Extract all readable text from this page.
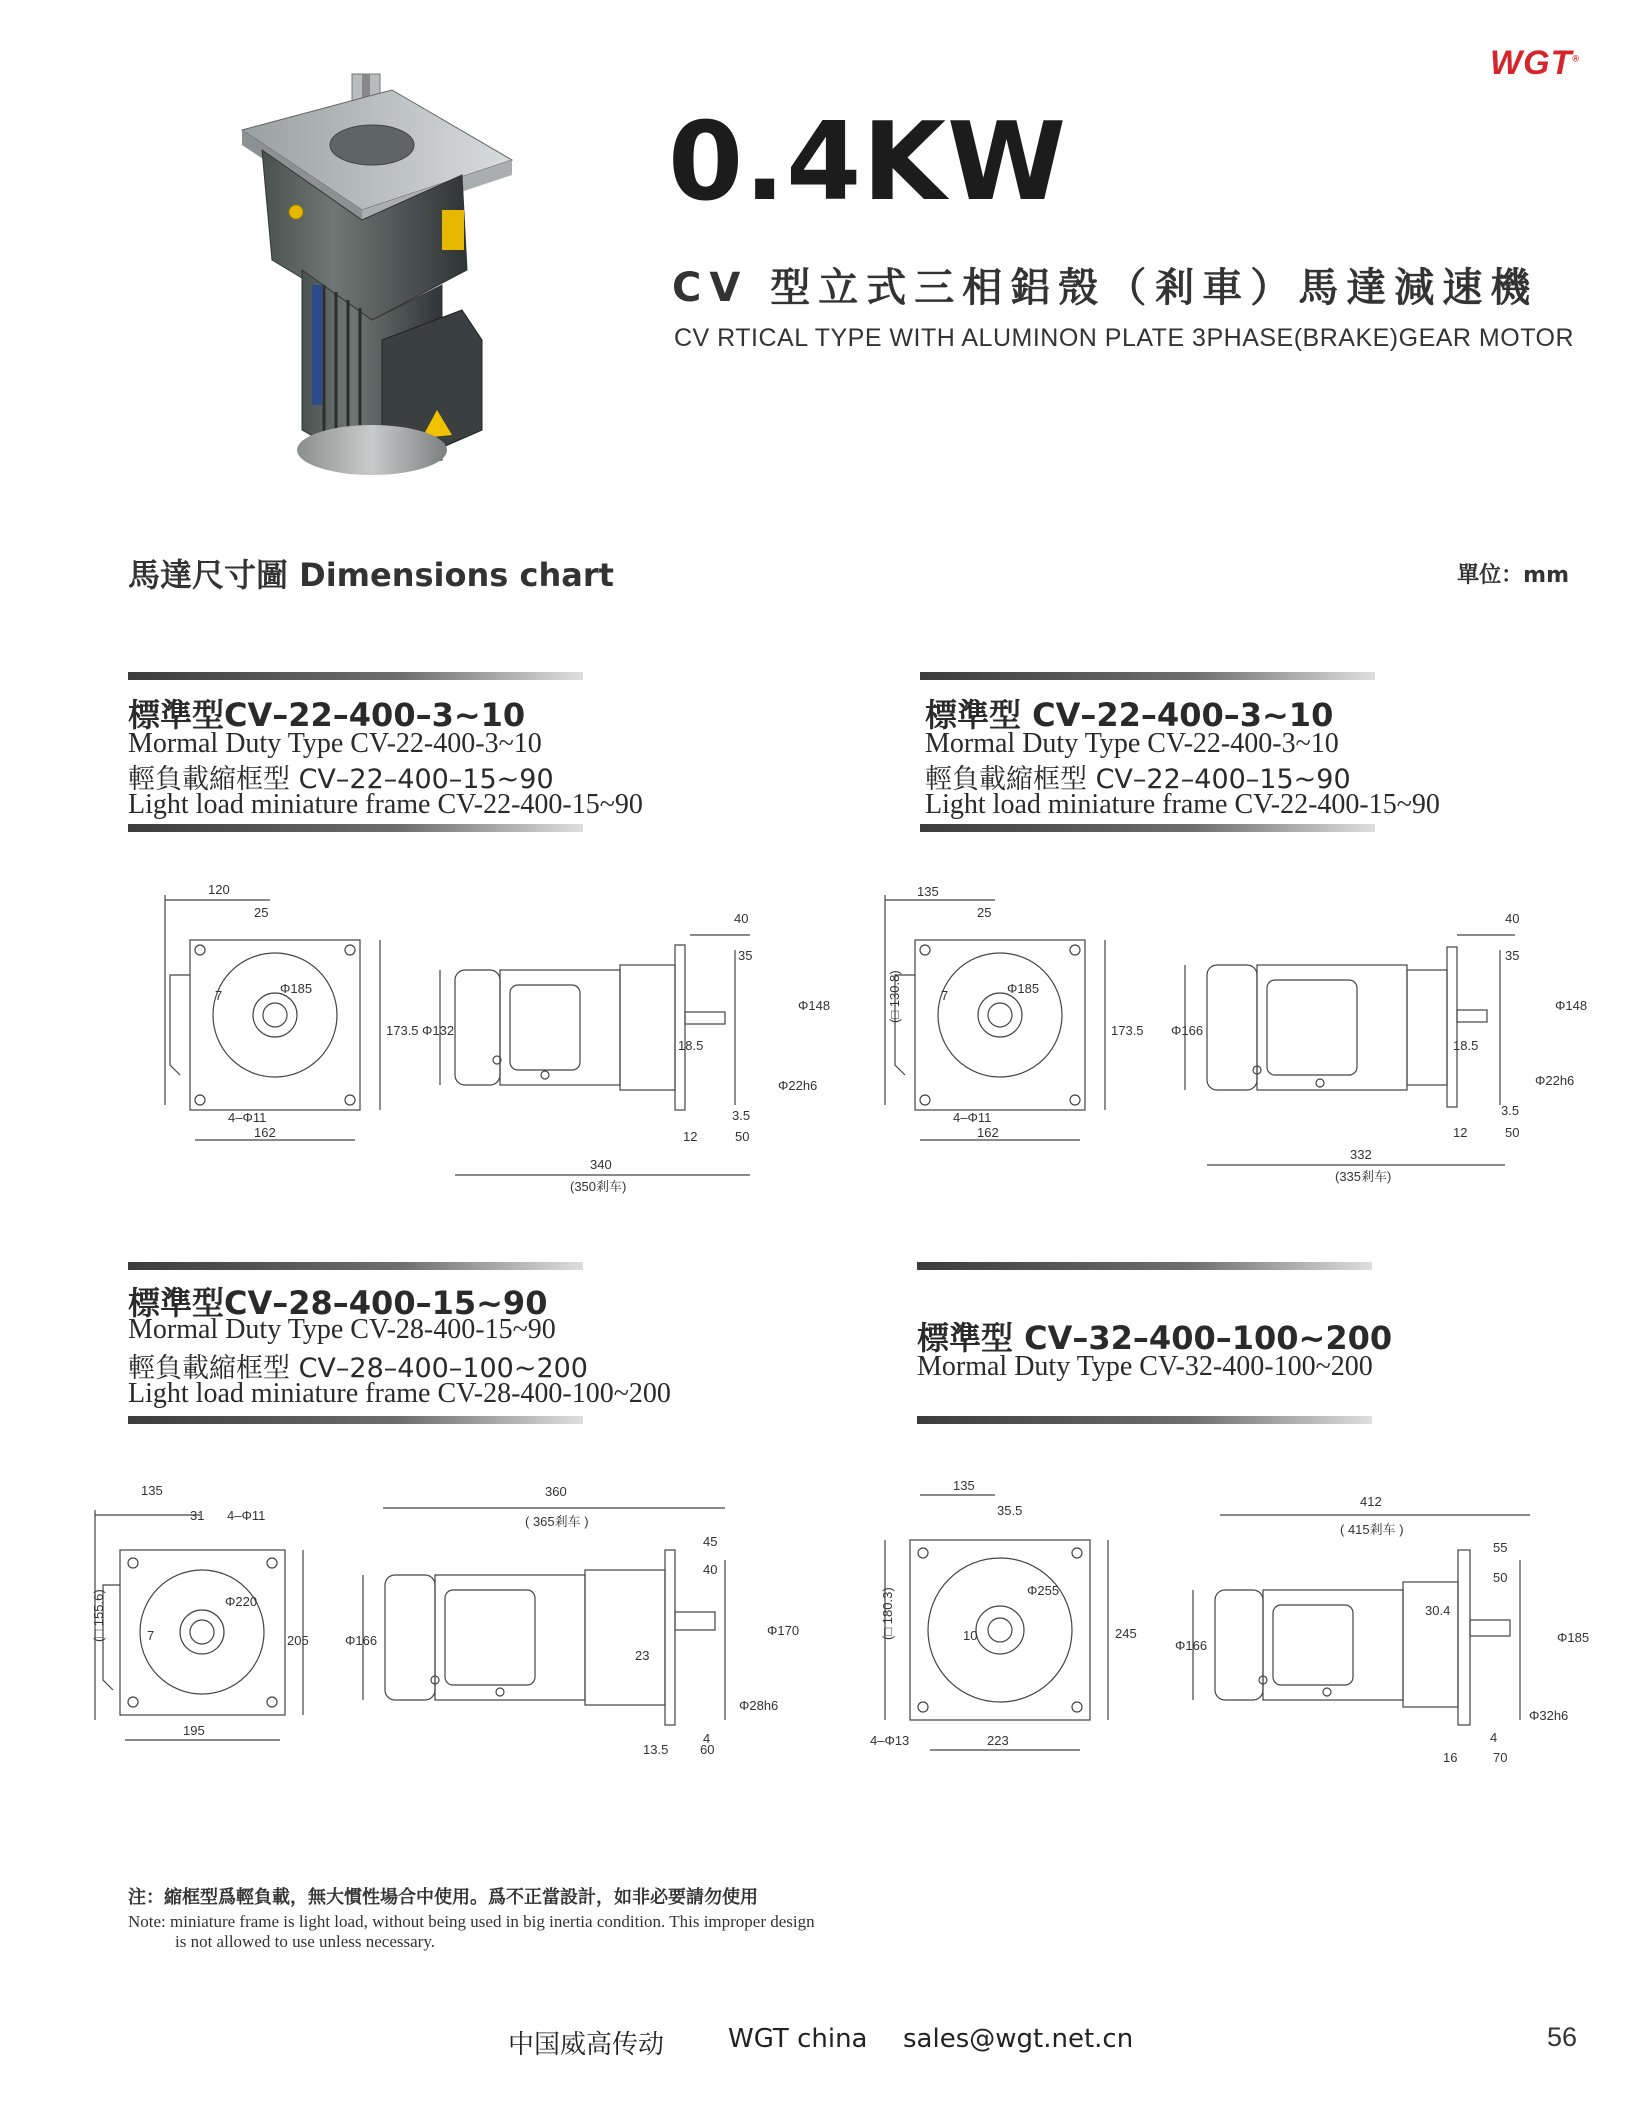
WGT®
0.4KW
CV 型立式三相鋁殼（剎車）馬達減速機
CV RTICAL TYPE WITH ALUMINON PLATE 3PHASE(BRAKE)GEAR MOTOR
馬達尺寸圖 Dimensions chart	單位：mm
標準型CV–22–400–3~10
Mormal Duty Type CV-22-400-3~10
輕負載縮框型 CV–22–400–15~90
Light load miniature frame CV-22-400-15~90
標準型 CV–22–400–3~10
Mormal Duty Type CV-22-400-3~10
輕負載縮框型 CV–22–400–15~90
Light load miniature frame CV-22-400-15~90
標準型CV–28–400–15~90
Mormal Duty Type CV-28-400-15~90
輕負載縮框型 CV–28–400–100~200
Light load miniature frame CV-28-400-100~200
標準型 CV–32–400–100~200
Mormal Duty Type CV-32-400-100~200
120
25
7	Φ185
173.5
4–Φ11
162
40
35
Φ132
18.5
Φ148
Φ22h6
3.5
12	50
340
(350剎车)
135
25
(□ 130.8)	7	Φ185
173.5
4–Φ11
162
40
35
Φ166
18.5
Φ148
Φ22h6
3.5
12	50
332
(335剎车)
135
31 4–Φ11
(□ 155.6)	Φ220
7	205
195
360
( 365剎车 )
45
40
Φ166
23
Φ170
Φ28h6
4
13.5 60
135
35.5
(□ 180.3)	Φ255
10	245
4–Φ13	223
412
( 415剎车 )
55
50
Φ166
30.4
Φ185
Φ32h6
4
16	70
注：縮框型爲輕負載，無大慣性場合中使用。爲不正當設計，如非必要請勿使用
Note: miniature frame is light load, without being used in big inertia condition. This improper design
is not allowed to use unless necessary.
中国威高传动 WGT china sales@wgt.net.cn	56
